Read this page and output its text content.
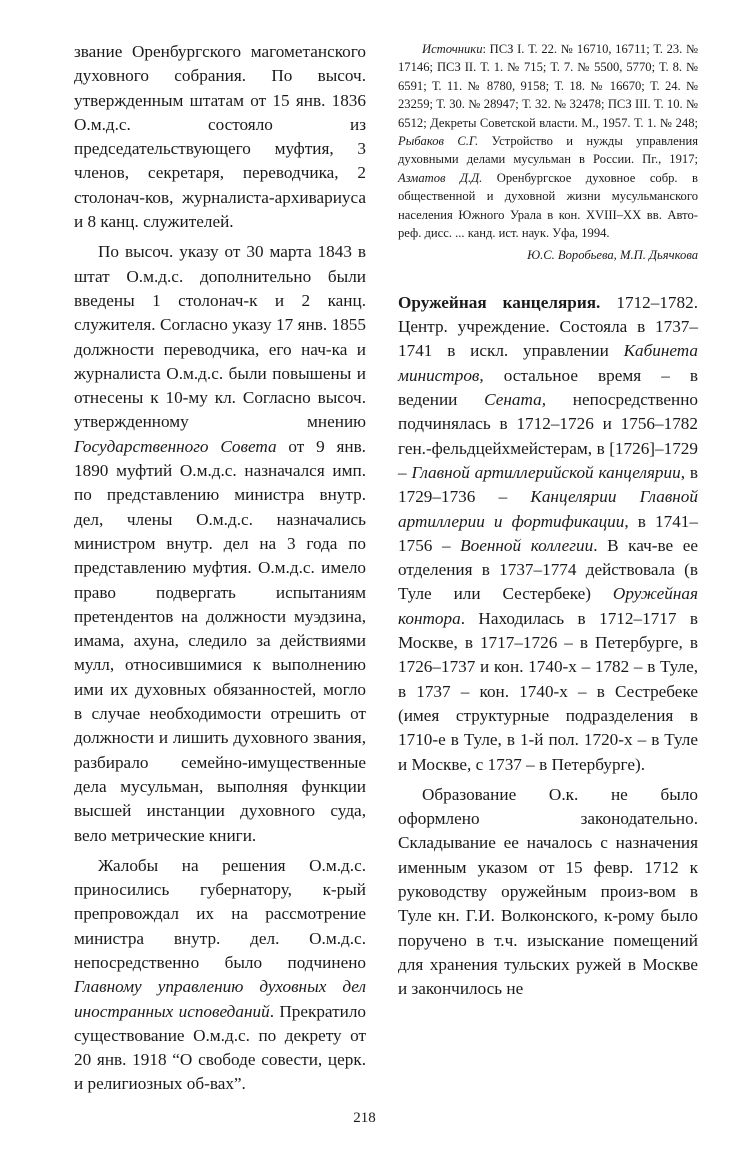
звание Оренбургского магометанского духовного собрания. По высоч. утвержденным штатам от 15 янв. 1836 О.м.д.с. состояло из председательствующего муфтия, 3 членов, секретаря, переводчика, 2 столонач-ков, журналиста-архивариуса и 8 канц. служителей.

По высоч. указу от 30 марта 1843 в штат О.м.д.с. дополнительно были введены 1 столонач-к и 2 канц. служителя. Согласно указу 17 янв. 1855 должности переводчика, его нач-ка и журналиста О.м.д.с. были повышены и отнесены к 10-му кл. Согласно высоч. утвержденному мнению Государственного Совета от 9 янв. 1890 муфтий О.м.д.с. назначался имп. по представлению министра внутр. дел, члены О.м.д.с. назначались министром внутр. дел на 3 года по представлению муфтия. О.м.д.с. имело право подвергать испытаниям претендентов на должности муэдзина, имама, ахуна, следило за действиями мулл, относившимися к выполнению ими их духовных обязанностей, могло в случае необходимости отрешить от должности и лишить духовного звания, разбирало семейно-имущественные дела мусульман, выполняя функции высшей инстанции духовного суда, вело метрические книги.

Жалобы на решения О.м.д.с. приносились губернатору, к-рый препровождал их на рассмотрение министра внутр. дел. О.м.д.с. непосредственно было подчинено Главному управлению духовных дел иностранных исповеданий. Прекратило существование О.м.д.с. по декрету от 20 янв. 1918 “О свободе совести, церк. и религиозных об-вах”.

Источники: ПСЗ I. Т. 22. № 16710, 16711; Т. 23. № 17146; ПСЗ II. Т. 1. № 715; Т. 7. № 5500, 5770; Т. 8. № 6591; Т. 11. № 8780, 9158; Т. 18. № 16670; Т. 24. № 23259; Т. 30. № 28947; Т. 32. № 32478; ПСЗ III. Т. 10. № 6512; Декреты Советской власти. М., 1957. Т. 1. № 248; Рыбаков С.Г. Устройство и нужды управления духовными делами мусульман в России. Пг., 1917; Азматов Д.Д. Оренбургское духовное собр. в общественной и духовной жизни мусульманского населения Южного Урала в кон. XVIII–XX вв. Автореф. дисс. ... канд. ист. наук. Уфа, 1994.

Ю.С. Воробьева, М.П. Дьячкова

Оружейная канцелярия. 1712–1782. Центр. учреждение. Состояла в 1737–1741 в искл. управлении Кабинета министров, остальное время – в ведении Сената, непосредственно подчинялась в 1712–1726 и 1756–1782 ген.-фельдцейхмейстерам, в [1726]–1729 – Главной артиллерийской канцелярии, в 1729–1736 – Канцелярии Главной артиллерии и фортификации, в 1741–1756 – Военной коллегии. В кач-ве ее отделения в 1737–1774 действовала (в Туле или Сестербеке) Оружейная контора. Находилась в 1712–1717 в Москве, в 1717–1726 – в Петербурге, в 1726–1737 и кон. 1740-х – 1782 – в Туле, в 1737 – кон. 1740-х – в Сестребеке (имея структурные подразделения в 1710-е в Туле, в 1-й пол. 1720-х – в Туле и Москве, с 1737 – в Петербурге).

Образование О.к. не было оформлено законодательно. Складывание ее началось с назначения именным указом от 15 февр. 1712 к руководству оружейным произ-вом в Туле кн. Г.И. Волконского, к-рому было поручено в т.ч. изыскание помещений для хранения тульских ружей в Москве и закончилось не

218
